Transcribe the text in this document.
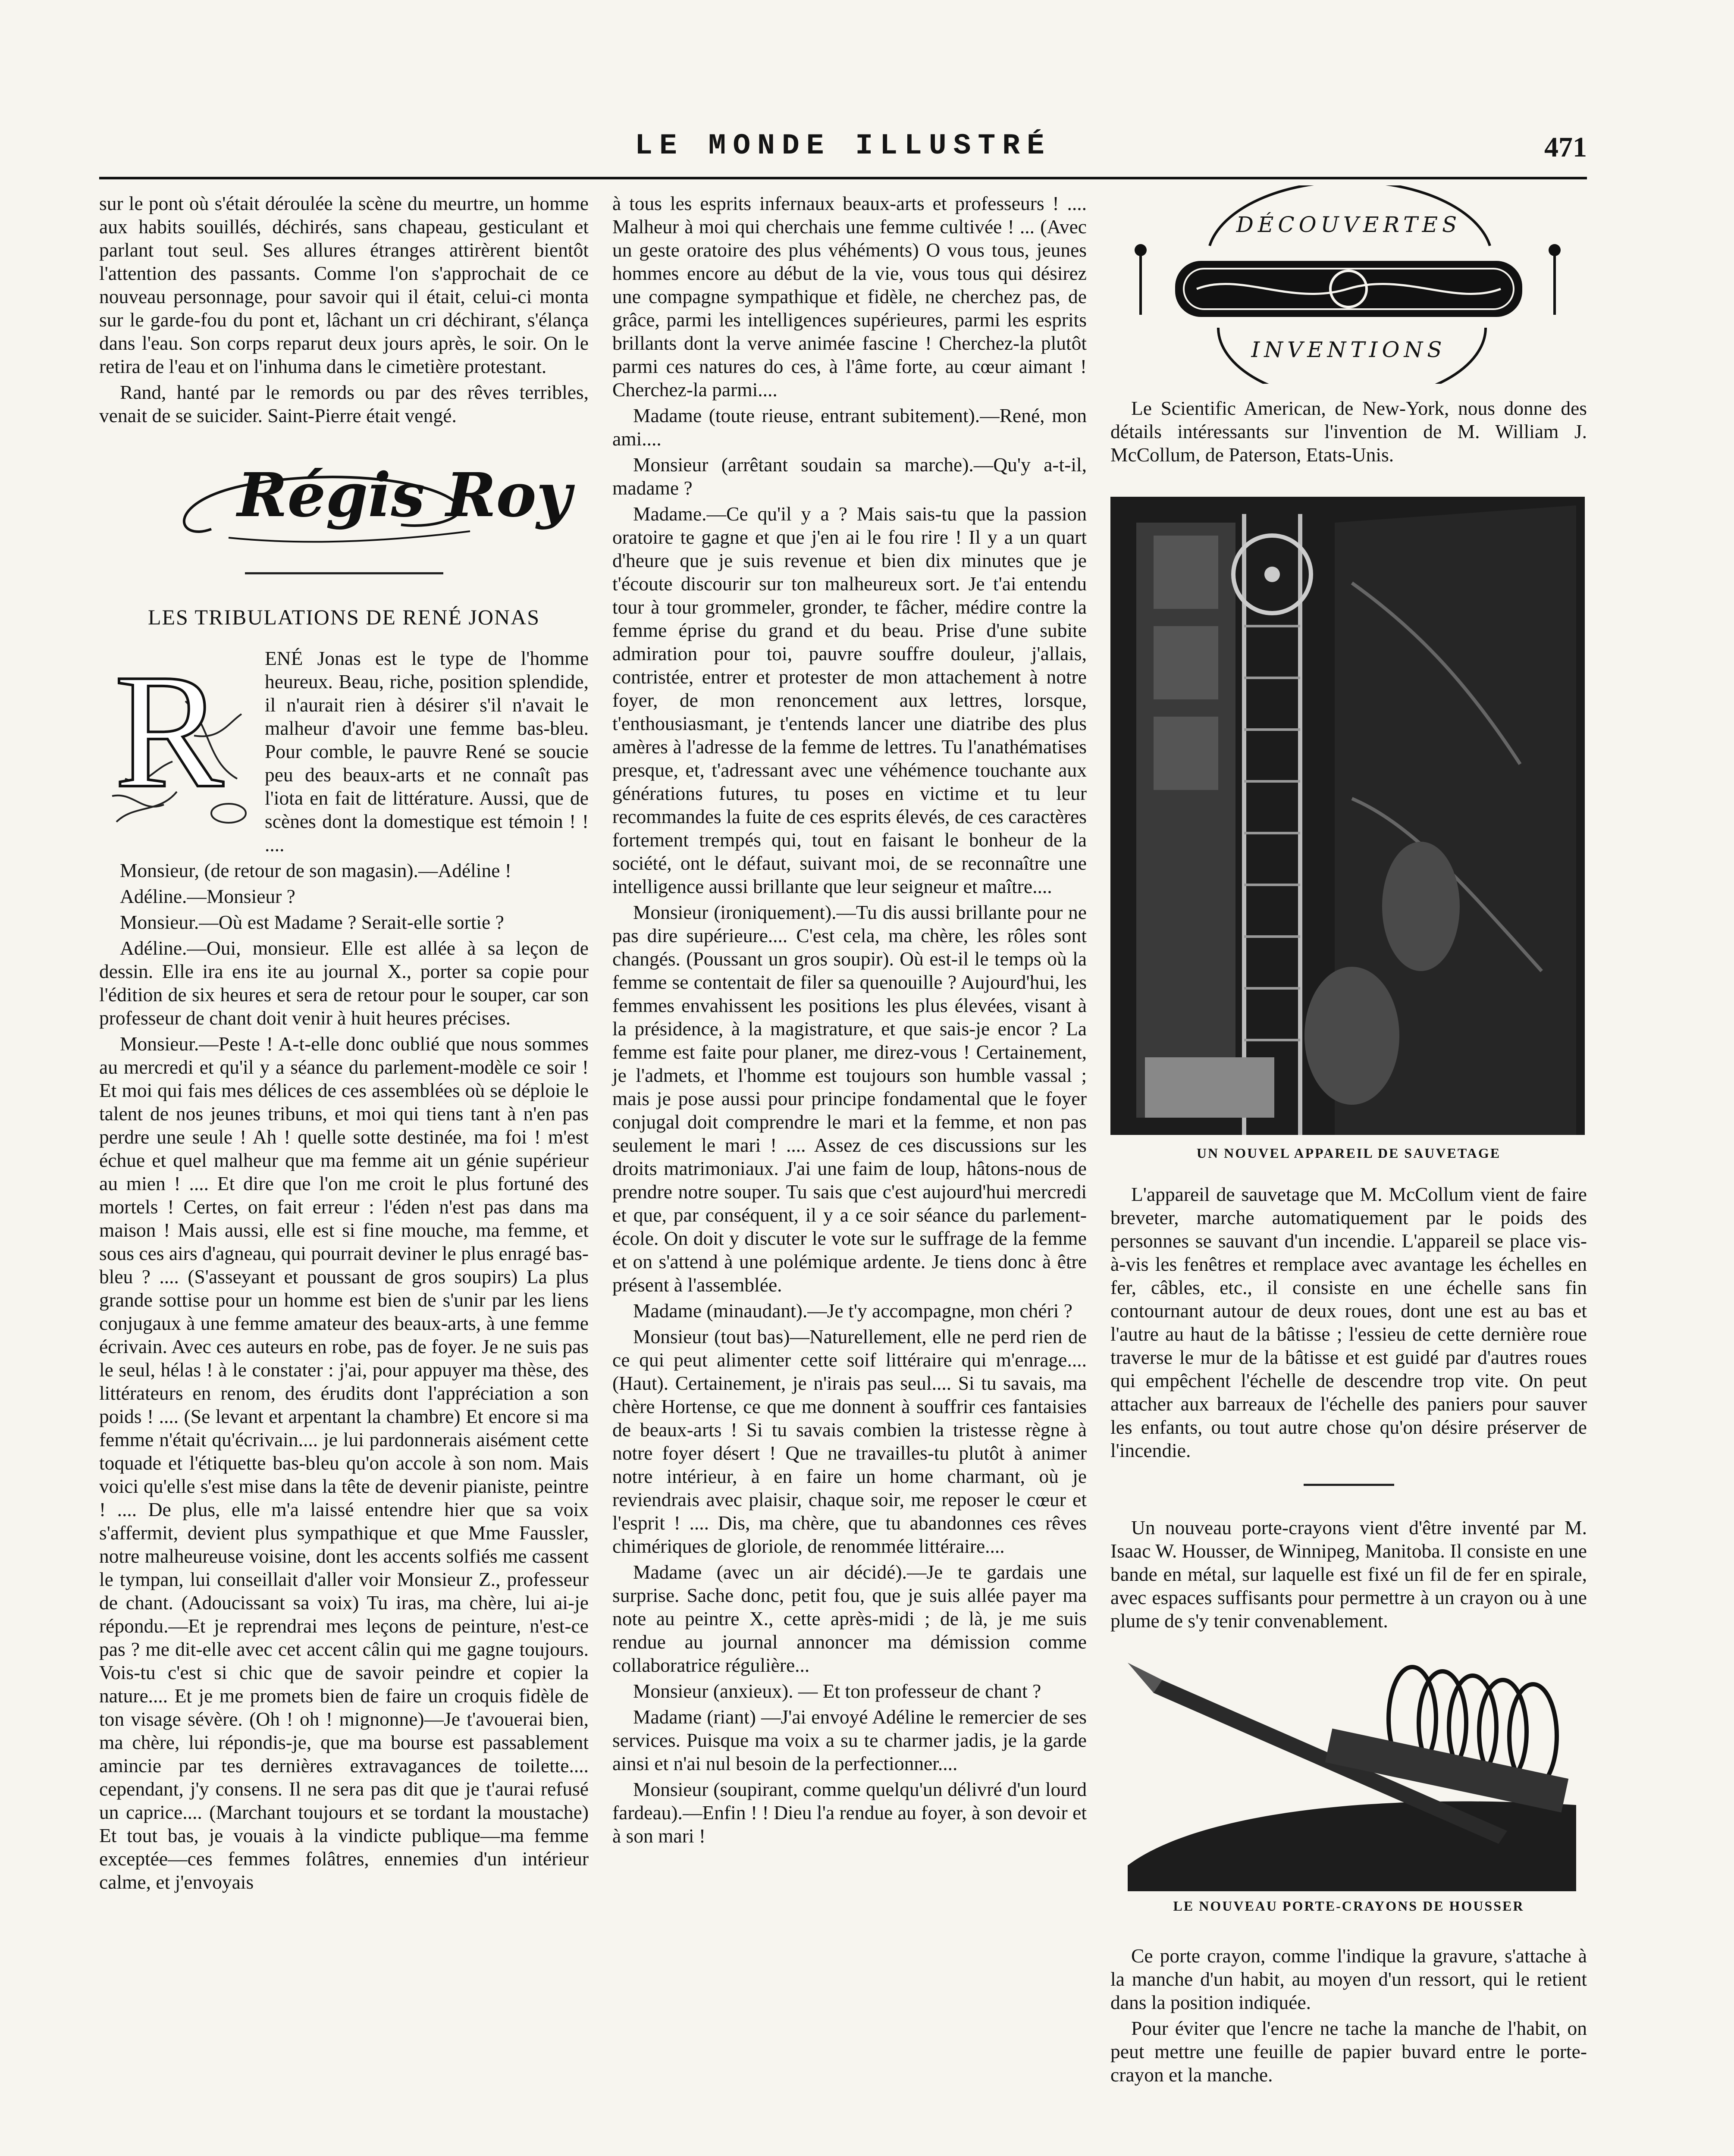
LE MONDE ILLUSTRÉ	471

sur le pont où s'était déroulée la scène du meurtre, un homme aux habits souillés, déchirés, sans chapeau, gesticulant et parlant tout seul. Ses allures étranges attirèrent bientôt l'attention des passants. Comme l'on s'approchait de ce nouveau personnage, pour savoir qui il était, celui-ci monta sur le garde-fou du pont et, lâchant un cri déchirant, s'élança dans l'eau. Son corps reparut deux jours après, le soir. On le retira de l'eau et on l'inhuma dans le cimetière protestant.

Rand, hanté par le remords ou par des rêves terribles, venait de se suicider. Saint-Pierre était vengé.

Régis Roy
LES TRIBULATIONS DE RENÉ JONAS
R	ENÉ Jonas est le type de l'homme heureux. Beau, riche, position splendide, il n'aurait rien à désirer s'il n'avait le malheur d'avoir une femme bas-bleu. Pour comble, le pauvre René se soucie peu des beaux-arts et ne connaît pas l'iota en fait de littérature. Aussi, que de scènes dont la domestique est témoin ! ! ....

Monsieur, (de retour de son magasin).—Adéline !

Adéline.—Monsieur ?

Monsieur.—Où est Madame ? Serait-elle sortie ?

Adéline.—Oui, monsieur. Elle est allée à sa leçon de dessin. Elle ira ens ite au journal X., porter sa copie pour l'édition de six heures et sera de retour pour le souper, car son professeur de chant doit venir à huit heures précises.

Monsieur.—Peste ! A-t-elle donc oublié que nous sommes au mercredi et qu'il y a séance du parlement-modèle ce soir ! Et moi qui fais mes délices de ces assemblées où se déploie le talent de nos jeunes tribuns, et moi qui tiens tant à n'en pas perdre une seule ! Ah ! quelle sotte destinée, ma foi ! m'est échue et quel malheur que ma femme ait un génie supérieur au mien ! .... Et dire que l'on me croit le plus fortuné des mortels ! Certes, on fait erreur : l'éden n'est pas dans ma maison ! Mais aussi, elle est si fine mouche, ma femme, et sous ces airs d'agneau, qui pourrait deviner le plus enragé bas-bleu ? .... (S'asseyant et poussant de gros soupirs) La plus grande sottise pour un homme est bien de s'unir par les liens conjugaux à une femme amateur des beaux-arts, à une femme écrivain. Avec ces auteurs en robe, pas de foyer. Je ne suis pas le seul, hélas ! à le constater : j'ai, pour appuyer ma thèse, des littérateurs en renom, des érudits dont l'appréciation a son poids ! .... (Se levant et arpentant la chambre) Et encore si ma femme n'était qu'écrivain.... je lui pardonnerais aisément cette toquade et l'étiquette bas-bleu qu'on accole à son nom. Mais voici qu'elle s'est mise dans la tête de devenir pianiste, peintre ! .... De plus, elle m'a laissé entendre hier que sa voix s'affermit, devient plus sympathique et que Mme Faussler, notre malheureuse voisine, dont les accents solfiés me cassent le tympan, lui conseillait d'aller voir Monsieur Z., professeur de chant. (Adoucissant sa voix) Tu iras, ma chère, lui ai-je répondu.—Et je reprendrai mes leçons de peinture, n'est-ce pas ? me dit-elle avec cet accent câlin qui me gagne toujours. Vois-tu c'est si chic que de savoir peindre et copier la nature.... Et je me promets bien de faire un croquis fidèle de ton visage sévère. (Oh ! oh ! mignonne)—Je t'avouerai bien, ma chère, lui répondis-je, que ma bourse est passablement amincie par tes dernières extravagances de toilette.... cependant, j'y consens. Il ne sera pas dit que je t'aurai refusé un caprice.... (Marchant toujours et se tordant la moustache) Et tout bas, je vouais à la vindicte publique—ma femme exceptée—ces femmes folâtres, ennemies d'un intérieur calme, et j'envoyais

à tous les esprits infernaux beaux-arts et professeurs ! .... Malheur à moi qui cherchais une femme cultivée ! ... (Avec un geste oratoire des plus véhéments) O vous tous, jeunes hommes encore au début de la vie, vous tous qui désirez une compagne sympathique et fidèle, ne cherchez pas, de grâce, parmi les intelligences supérieures, parmi les esprits brillants dont la verve animée fascine ! Cherchez-la plutôt parmi ces natures do ces, à l'âme forte, au cœur aimant ! Cherchez-la parmi....

Madame (toute rieuse, entrant subitement).—René, mon ami....

Monsieur (arrêtant soudain sa marche).—Qu'y a-t-il, madame ?

Madame.—Ce qu'il y a ? Mais sais-tu que la passion oratoire te gagne et que j'en ai le fou rire ! Il y a un quart d'heure que je suis revenue et bien dix minutes que je t'écoute discourir sur ton malheureux sort. Je t'ai entendu tour à tour grommeler, gronder, te fâcher, médire contre la femme éprise du grand et du beau. Prise d'une subite admiration pour toi, pauvre souffre douleur, j'allais, contristée, entrer et protester de mon attachement à notre foyer, de mon renoncement aux lettres, lorsque, t'enthousiasmant, je t'entends lancer une diatribe des plus amères à l'adresse de la femme de lettres. Tu l'anathématises presque, et, t'adressant avec une véhémence touchante aux générations futures, tu poses en victime et tu leur recommandes la fuite de ces esprits élevés, de ces caractères fortement trempés qui, tout en faisant le bonheur de la société, ont le défaut, suivant moi, de se reconnaître une intelligence aussi brillante que leur seigneur et maître....

Monsieur (ironiquement).—Tu dis aussi brillante pour ne pas dire supérieure.... C'est cela, ma chère, les rôles sont changés. (Poussant un gros soupir). Où est-il le temps où la femme se contentait de filer sa quenouille ? Aujourd'hui, les femmes envahissent les positions les plus élevées, visant à la présidence, à la magistrature, et que sais-je encor ? La femme est faite pour planer, me direz-vous ! Certainement, je l'admets, et l'homme est toujours son humble vassal ; mais je pose aussi pour principe fondamental que le foyer conjugal doit comprendre le mari et la femme, et non pas seulement le mari ! .... Assez de ces discussions sur les droits matrimoniaux. J'ai une faim de loup, hâtons-nous de prendre notre souper. Tu sais que c'est aujourd'hui mercredi et que, par conséquent, il y a ce soir séance du parlement-école. On doit y discuter le vote sur le suffrage de la femme et on s'attend à une polémique ardente. Je tiens donc à être présent à l'assemblée.

Madame (minaudant).—Je t'y accompagne, mon chéri ?

Monsieur (tout bas)—Naturellement, elle ne perd rien de ce qui peut alimenter cette soif littéraire qui m'enrage.... (Haut). Certainement, je n'irais pas seul.... Si tu savais, ma chère Hortense, ce que me donnent à souffrir ces fantaisies de beaux-arts ! Si tu savais combien la tristesse règne à notre foyer désert ! Que ne travailles-tu plutôt à animer notre intérieur, à en faire un home charmant, où je reviendrais avec plaisir, chaque soir, me reposer le cœur et l'esprit ! .... Dis, ma chère, que tu abandonnes ces rêves chimériques de gloriole, de renommée littéraire....

Madame (avec un air décidé).—Je te gardais une surprise. Sache donc, petit fou, que je suis allée payer ma note au peintre X., cette après-midi ; de là, je me suis rendue au journal annoncer ma démission comme collaboratrice régulière...

Monsieur (anxieux). — Et ton professeur de chant ?

Madame (riant) —J'ai envoyé Adéline le remercier de ses services. Puisque ma voix a su te charmer jadis, je la garde ainsi et n'ai nul besoin de la perfectionner....

Monsieur (soupirant, comme quelqu'un délivré d'un lourd fardeau).—Enfin ! ! Dieu l'a rendue au foyer, à son devoir et à son mari !

DÉCOUVERTES
INVENTIONS

Le Scientific American, de New-York, nous donne des détails intéressants sur l'invention de M. William J. McCollum, de Paterson, Etats-Unis.

UN NOUVEL APPAREIL DE SAUVETAGE

L'appareil de sauvetage que M. McCollum vient de faire breveter, marche automatiquement par le poids des personnes se sauvant d'un incendie. L'appareil se place vis-à-vis les fenêtres et remplace avec avantage les échelles en fer, câbles, etc., il consiste en une échelle sans fin contournant autour de deux roues, dont une est au bas et l'autre au haut de la bâtisse ; l'essieu de cette dernière roue traverse le mur de la bâtisse et est guidé par d'autres roues qui empêchent l'échelle de descendre trop vite. On peut attacher aux barreaux de l'échelle des paniers pour sauver les enfants, ou tout autre chose qu'on désire préserver de l'incendie.

Un nouveau porte-crayons vient d'être inventé par M. Isaac W. Housser, de Winnipeg, Manitoba. Il consiste en une bande en métal, sur laquelle est fixé un fil de fer en spirale, avec espaces suffisants pour permettre à un crayon ou à une plume de s'y tenir convenablement.

LE NOUVEAU PORTE-CRAYONS DE HOUSSER

Ce porte crayon, comme l'indique la gravure, s'attache à la manche d'un habit, au moyen d'un ressort, qui le retient dans la position indiquée.

Pour éviter que l'encre ne tache la manche de l'habit, on peut mettre une feuille de papier buvard entre le porte-crayon et la manche.
